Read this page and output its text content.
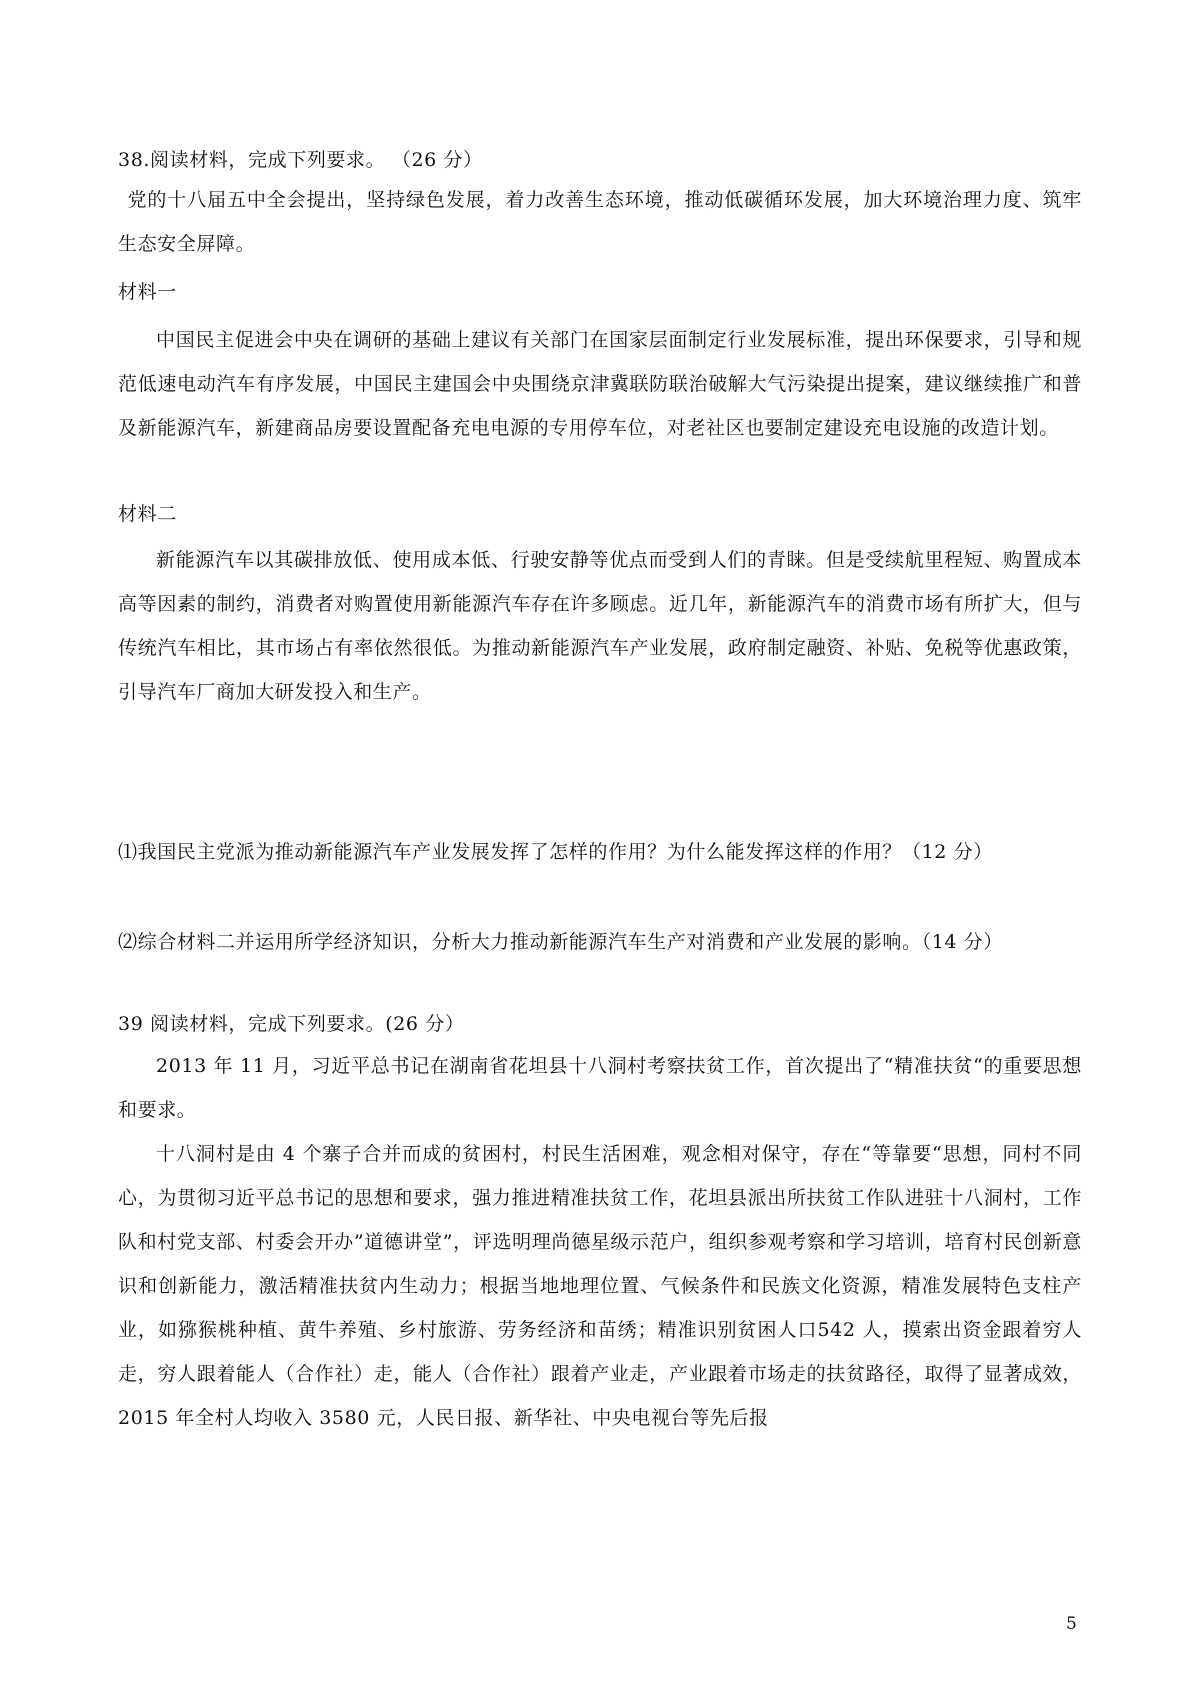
38.阅读材料，完成下列要求。 （26 分）
党的十八届五中全会提出，坚持绿色发展，着力改善生态环境，推动低碳循环发展，加大环境治理力度、筑牢生态安全屏障。
材料一
中国民主促进会中央在调研的基础上建议有关部门在国家层面制定行业发展标准，提出环保要求，引导和规范低速电动汽车有序发展，中国民主建国会中央围绕京津冀联防联治破解大气污染提出提案，建议继续推广和普及新能源汽车，新建商品房要设置配备充电电源的专用停车位，对老社区也要制定建设充电设施的改造计划。
材料二
新能源汽车以其碳排放低、使用成本低、行驶安静等优点而受到人们的青睐。但是受续航里程短、购置成本高等因素的制约，消费者对购置使用新能源汽车存在许多顾虑。近几年，新能源汽车的消费市场有所扩大，但与传统汽车相比，其市场占有率依然很低。为推动新能源汽车产业发展，政府制定融资、补贴、免税等优惠政策，引导汽车厂商加大研发投入和生产。
⑴我国民主党派为推动新能源汽车产业发展发挥了怎样的作用？为什么能发挥这样的作用？（12 分）
⑵综合材料二并运用所学经济知识，分析大力推动新能源汽车生产对消费和产业发展的影响。（14 分）
39 阅读材料，完成下列要求。(26 分）
2013 年 11 月，习近平总书记在湖南省花坦县十八洞村考察扶贫工作，首次提出了“精准扶贫“的重要思想和要求。
十八洞村是由 4 个寨子合并而成的贫困村，村民生活困难，观念相对保守，存在“等靠要“思想，同村不同心，为贯彻习近平总书记的思想和要求，强力推进精准扶贫工作，花坦县派出所扶贫工作队进驻十八洞村，工作队和村党支部、村委会开办”道德讲堂”，评选明理尚德星级示范户，组织参观考察和学习培训，培育村民创新意识和创新能力，激活精准扶贫内生动力；根据当地地理位置、气候条件和民族文化资源，精准发展特色支柱产业，如猕猴桃种植、黄牛养殖、乡村旅游、劳务经济和苗绣；精准识别贫困人口542 人，摸索出资金跟着穷人走，穷人跟着能人（合作社）走，能人（合作社）跟着产业走，产业跟着市场走的扶贫路径，取得了显著成效，2015 年全村人均收入 3580 元，人民日报、新华社、中央电视台等先后报
5
